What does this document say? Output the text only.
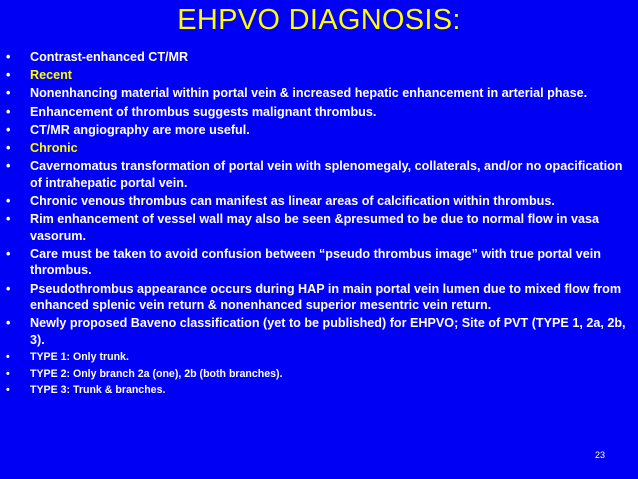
EHPVO DIAGNOSIS:
• Contrast-enhanced CT/MR
• Recent
• Nonenhancing material within portal vein & increased hepatic enhancement in arterial phase.
• Enhancement of thrombus suggests malignant thrombus.
• CT/MR angiography are more useful.
• Chronic
• Cavernomatus transformation of portal vein with splenomegaly, collaterals, and/or no opacification of intrahepatic portal vein.
• Chronic venous thrombus can manifest as linear areas of calcification within thrombus.
• Rim enhancement of vessel wall may also be seen &presumed to be due to normal flow in vasa vasorum.
• Care must be taken to avoid confusion between “pseudo thrombus image” with true portal vein thrombus.
• Pseudothrombus appearance occurs during HAP in main portal vein lumen due to mixed flow from enhanced splenic vein return & nonenhanced superior mesentric vein return.
• Newly proposed Baveno classification (yet to be published) for EHPVO; Site of PVT (TYPE 1, 2a, 2b, 3).
• TYPE 1: Only trunk.
• TYPE 2: Only branch 2a (one), 2b (both branches).
• TYPE 3: Trunk & branches.
23
